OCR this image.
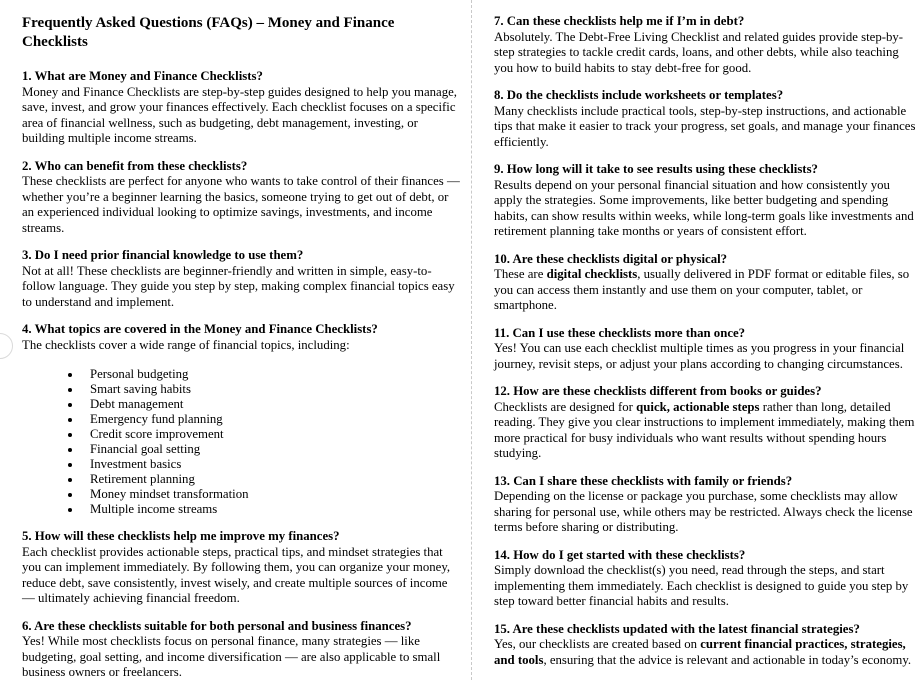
Frequently Asked Questions (FAQs) – Money and Finance Checklists
1. What are Money and Finance Checklists?

Money and Finance Checklists are step-by-step guides designed to help you manage, save, invest, and grow your finances effectively. Each checklist focuses on a specific area of financial wellness, such as budgeting, debt management, investing, or building multiple income streams.

2. Who can benefit from these checklists?

These checklists are perfect for anyone who wants to take control of their finances — whether you’re a beginner learning the basics, someone trying to get out of debt, or an experienced individual looking to optimize savings, investments, and income streams.

3. Do I need prior financial knowledge to use them?

Not at all! These checklists are beginner-friendly and written in simple, easy-to-follow language. They guide you step by step, making complex financial topics easy to understand and implement.

4. What topics are covered in the Money and Finance Checklists?

The checklists cover a wide range of financial topics, including:

• Personal budgeting
• Smart saving habits
• Debt management
• Emergency fund planning
• Credit score improvement
• Financial goal setting
• Investment basics
• Retirement planning
• Money mindset transformation
• Multiple income streams
5. How will these checklists help me improve my finances?

Each checklist provides actionable steps, practical tips, and mindset strategies that you can implement immediately. By following them, you can organize your money, reduce debt, save consistently, invest wisely, and create multiple sources of income — ultimately achieving financial freedom.

6. Are these checklists suitable for both personal and business finances?

Yes! While most checklists focus on personal finance, many strategies — like budgeting, goal setting, and income diversification — are also applicable to small business owners or freelancers.

7. Can these checklists help me if I’m in debt?

Absolutely. The Debt-Free Living Checklist and related guides provide step-by-step strategies to tackle credit cards, loans, and other debts, while also teaching you how to build habits to stay debt-free for good.

8. Do the checklists include worksheets or templates?

Many checklists include practical tools, step-by-step instructions, and actionable tips that make it easier to track your progress, set goals, and manage your finances efficiently.

9. How long will it take to see results using these checklists?

Results depend on your personal financial situation and how consistently you apply the strategies. Some improvements, like better budgeting and spending habits, can show results within weeks, while long-term goals like investments and retirement planning take months or years of consistent effort.

10. Are these checklists digital or physical?

These are digital checklists, usually delivered in PDF format or editable files, so you can access them instantly and use them on your computer, tablet, or smartphone.

11. Can I use these checklists more than once?

Yes! You can use each checklist multiple times as you progress in your financial journey, revisit steps, or adjust your plans according to changing circumstances.

12. How are these checklists different from books or guides?

Checklists are designed for quick, actionable steps rather than long, detailed reading. They give you clear instructions to implement immediately, making them more practical for busy individuals who want results without spending hours studying.

13. Can I share these checklists with family or friends?

Depending on the license or package you purchase, some checklists may allow sharing for personal use, while others may be restricted. Always check the license terms before sharing or distributing.

14. How do I get started with these checklists?

Simply download the checklist(s) you need, read through the steps, and start implementing them immediately. Each checklist is designed to guide you step by step toward better financial habits and results.

15. Are these checklists updated with the latest financial strategies?

Yes, our checklists are created based on current financial practices, strategies, and tools, ensuring that the advice is relevant and actionable in today’s economy.
